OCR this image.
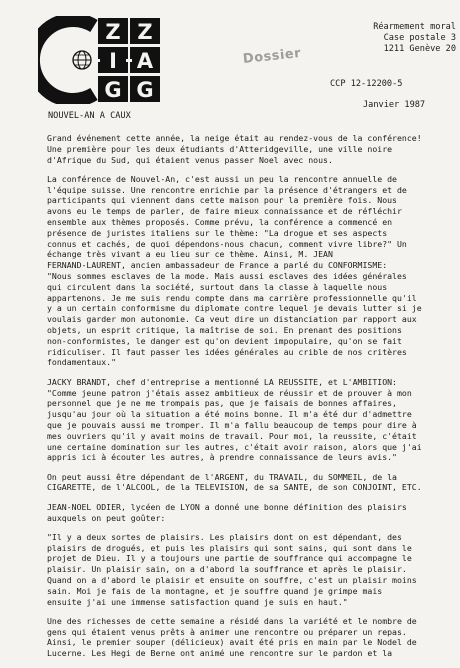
Z Z
I A
G G
Réarmement moral
Case postale 3
1211 Genève 20
CCP 12-12200-5
Janvier 1987
Dossier
NOUVEL-AN A CAUX
Grand événement cette année, la neige était au rendez-vous de la conférence!
Une première pour les deux étudiants d'Atteridgeville, une ville noire
d'Afrique du Sud, qui étaient venus passer Noel avec nous.
La conférence de Nouvel-An, c'est aussi un peu la rencontre annuelle de
l'équipe suisse. Une rencontre enrichie par la présence d'étrangers et de
participants qui viennent dans cette maison pour la première fois. Nous
avons eu le temps de parler, de faire mieux connaissance et de réfléchir
ensemble aux thèmes proposés. Comme prévu, la conférence a commencé en
présence de juristes italiens sur le thème: "La drogue et ses aspects
connus et cachés, de quoi dépendons-nous chacun, comment vivre libre?" Un
échange très vivant a eu lieu sur ce thème. Ainsi, M. JEAN
FERNAND-LAURENT, ancien ambassadeur de France a parlé du CONFORMISME:
"Nous sommes esclaves de la mode. Mais aussi esclaves des idées générales
qui circulent dans la société, surtout dans la classe à laquelle nous
appartenons. Je me suis rendu compte dans ma carrière professionnelle qu'il
y a un certain conformisme du diplomate contre lequel je devais lutter si je
voulais garder mon autonomie. Ca veut dire un distanciation par rapport aux
objets, un esprit critique, la maîtrise de soi. En prenant des positions
non-conformistes, le danger est qu'on devient impopulaire, qu'on se fait
ridiculiser. Il faut passer les idées générales au crible de nos critères
fondamentaux."
JACKY BRANDT, chef d'entreprise a mentionné LA REUSSITE, et L'AMBITION:
"Comme jeune patron j'étais assez ambitieux de réussir et de prouver à mon
personnel que je ne me trompais pas, que je faisais de bonnes affaires,
jusqu'au jour où la situation a été moins bonne. Il m'a été dur d'admettre
que je pouvais aussi me tromper. Il m'a fallu beaucoup de temps pour dire à
mes ouvriers qu'il y avait moins de travail. Pour moi, la reussite, c'était
une certaine domination sur les autres, c'était avoir raison, alors que j'ai
appris ici à écouter les autres, à prendre connaissance de leurs avis."
On peut aussi être dépendant de l'ARGENT, du TRAVAIL, du SOMMEIL, de la
CIGARETTE, de l'ALCOOL, de la TELEVISION, de sa SANTE, de son CONJOINT, ETC.
JEAN-NOEL ODIER, lycéen de LYON a donné une bonne définition des plaisirs
auxquels on peut goûter:
"Il y a deux sortes de plaisirs. Les plaisirs dont on est dépendant, des
plaisirs de drogués, et puis les plaisirs qui sont sains, qui sont dans le
projet de Dieu. Il y a toujours une partie de souffrance qui accompagne le
plaisir. Un plaisir sain, on a d'abord la souffrance et après le plaisir.
Quand on a d'abord le plaisir et ensuite on souffre, c'est un plaisir moins
sain. Moi je fais de la montagne, et je souffre quand je grimpe mais
ensuite j'ai une immense satisfaction quand je suis en haut."
Une des richesses de cette semaine a résidé dans la variété et le nombre de
gens qui étaient venus prêts à animer une rencontre ou préparer un repas.
Ainsi, le premier souper (délicieux) avait été pris en main par le Nodel de
Lucerne. Les Hegi de Berne ont animé une rencontre sur le pardon et la
